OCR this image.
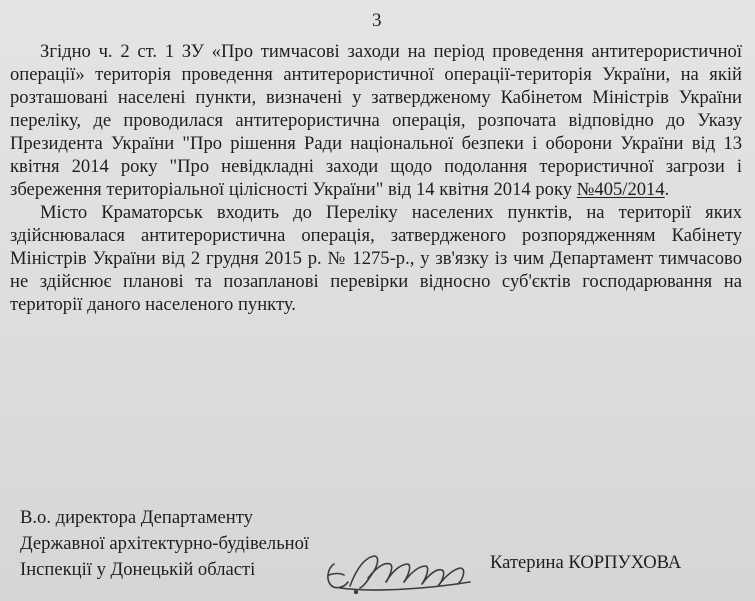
3

Згідно ч. 2 ст. 1 ЗУ «Про тимчасові заходи на період проведення антитерористичної операції» територія проведення антитерористичної операції-територія України, на якій розташовані населені пункти, визначені у затвердженому Кабінетом Міністрів України переліку, де проводилася антитерористична операція, розпочата відповідно до Указу Президента України "Про рішення Ради національної безпеки і оборони України від 13 квітня 2014 року "Про невідкладні заходи щодо подолання терористичної загрози і збереження територіальної цілісності України" від 14 квітня 2014 року №405/2014.

Місто Краматорськ входить до Переліку населених пунктів, на території яких здійснювалася антитерористична операція, затвердженого розпорядженням Кабінету Міністрів України від 2 грудня 2015 р. № 1275-р., у зв'язку із чим Департамент тимчасово не здійснює планові та позапланові перевірки відносно суб'єктів господарювання на території даного населеного пункту.

В.о. директора Департаменту

Державної архітектурно-будівельної

Інспекції у Донецькій області	Катерина КОРПУХОВА
